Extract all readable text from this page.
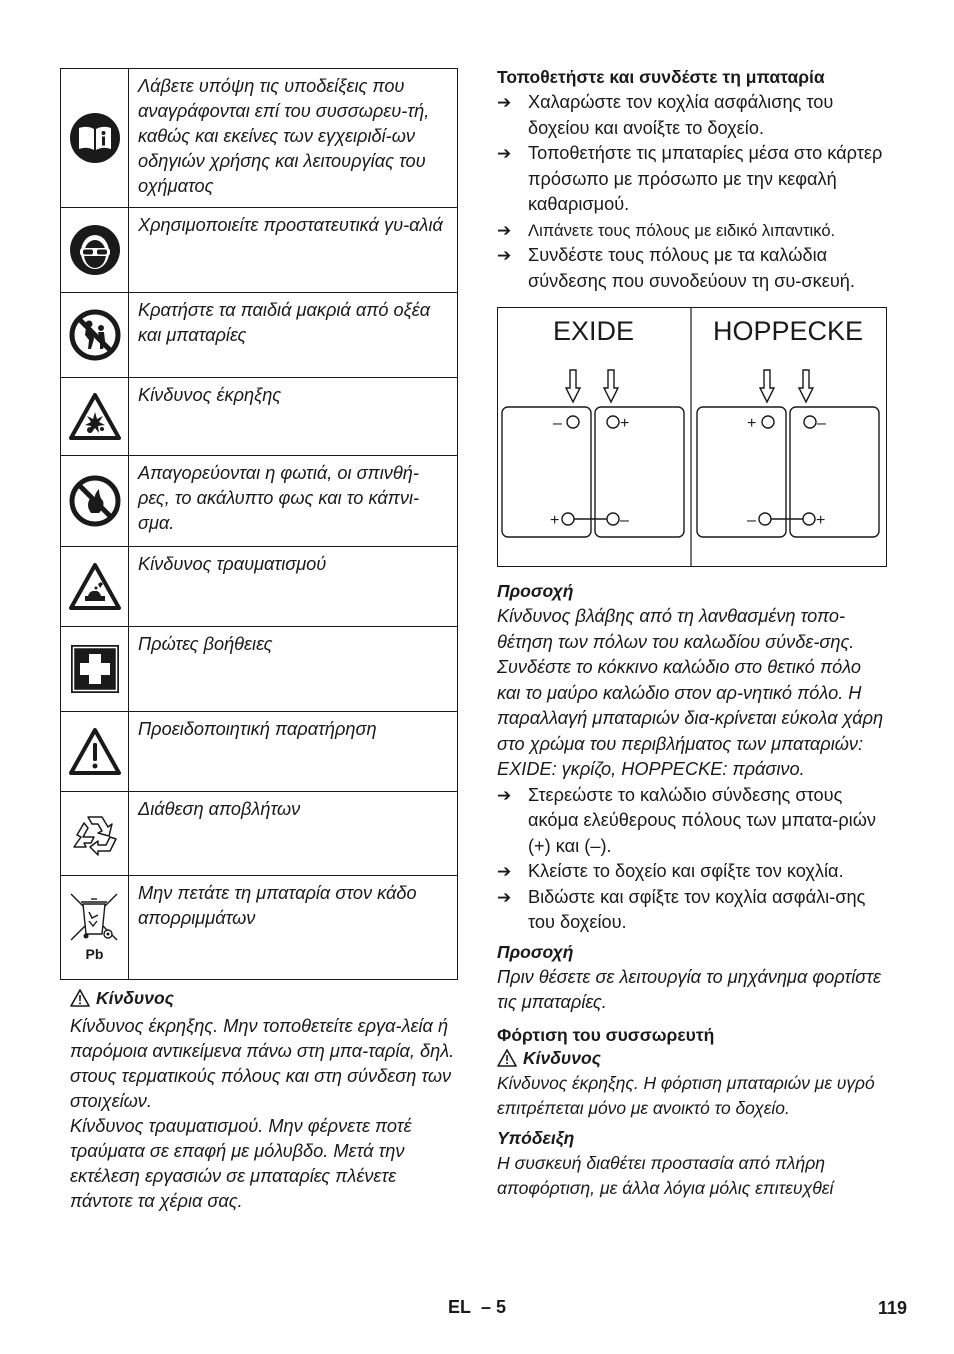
	Λάβετε υπόψη τις υποδείξεις που αναγράφονται επί του συσσωρευ-τή, καθώς και εκείνες των εγχειριδί-ων οδηγιών χρήσης και λειτουργίας του οχήματος

	Χρησιμοποιείτε προστατευτικά γυ-αλιά

	Κρατήστε τα παιδιά μακριά από οξέα και μπαταρίες

	Κίνδυνος έκρηξης

	Απαγορεύονται η φωτιά, οι σπινθή-ρες, το ακάλυπτο φως και το κάπνι-σμα.

	Κίνδυνος τραυματισμού

	Πρώτες βοήθειες

	Προειδοποιητική παρατήρηση

	Διάθεση αποβλήτων

Pb	Μην πετάτε τη μπαταρία στον κάδο απορριμμάτων
Κίνδυνος
Κίνδυνος έκρηξης. Μην τοποθετείτε εργα-λεία ή παρόμοια αντικείμενα πάνω στη μπα-ταρία, δηλ. στους τερματικούς πόλους και στη σύνδεση των στοιχείων.
Κίνδυνος τραυματισμού. Μην φέρνετε ποτέ τραύματα σε επαφή με μόλυβδο. Μετά την εκτέλεση εργασιών σε μπαταρίες πλένετε πάντοτε τα χέρια σας.
Τοποθετήστε και συνδέστε τη μπαταρία
➔ Χαλαρώστε τον κοχλία ασφάλισης του δοχείου και ανοίξτε το δοχείο.
➔ Τοποθετήστε τις μπαταρίες μέσα στο κάρτερ πρόσωπο με πρόσωπο με την κεφαλή καθαρισμού.
➔	Λιπάνετε τους πόλους με ειδικό λιπαντικό.
➔ Συνδέστε τους πόλους με τα καλώδια σύνδεσης που συνοδεύουν τη συ-σκευή.
EXIDE	HOPPECKE
–	+
+	–
+	–
–	+
Προσοχή
Κίνδυνος βλάβης από τη λανθασμένη τοπο-θέτηση των πόλων του καλωδίου σύνδε-σης. Συνδέστε το κόκκινο καλώδιο στο θετικό πόλο και το μαύρο καλώδιο στον αρ-νητικό πόλο. Η παραλλαγή μπαταριών δια-κρίνεται εύκολα χάρη στο χρώμα του περιβλήματος των μπαταριών: EXIDE: γκρίζο, HOPPECKE: πράσινο.
➔ Στερεώστε το καλώδιο σύνδεσης στους ακόμα ελεύθερους πόλους των μπατα-ριών (+) και (–).
➔ Κλείστε το δοχείο και σφίξτε τον κοχλία.
➔ Βιδώστε και σφίξτε τον κοχλία ασφάλι-σης του δοχείου.
Προσοχή
Πριν θέσετε σε λειτουργία το μηχάνημα φορτίστε τις μπαταρίες.
Φόρτιση του συσσωρευτή
Κίνδυνος
Κίνδυνος έκρηξης. Η φόρτιση μπαταριών με υγρό επιτρέπεται μόνο με ανοικτό το δοχείο.
Υπόδειξη
Η συσκευή διαθέτει προστασία από πλήρη αποφόρτιση, με άλλα λόγια μόλις επιτευχθεί
EL – 5	119
